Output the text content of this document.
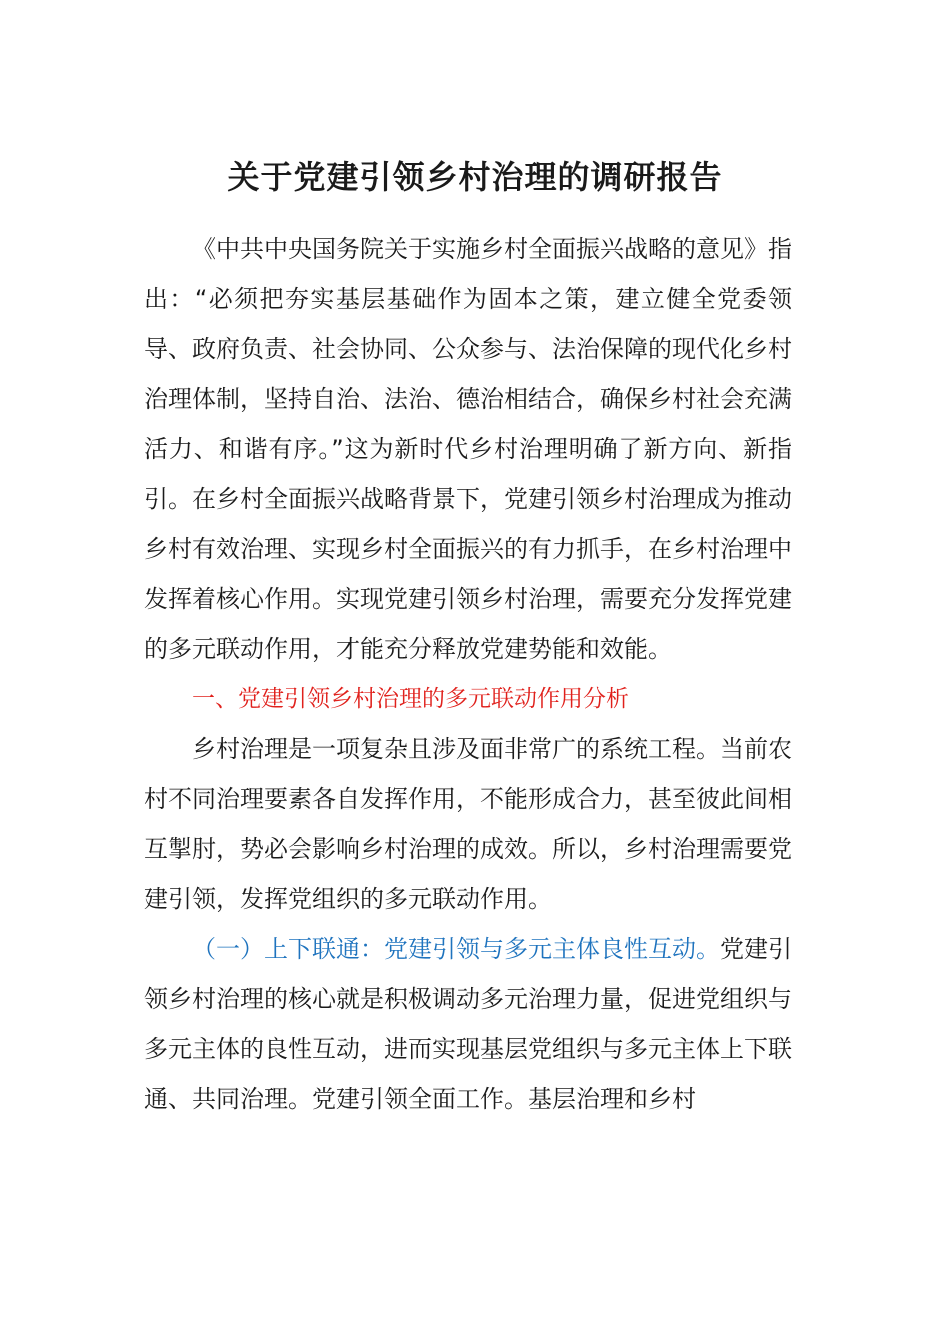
关于党建引领乡村治理的调研报告

《中共中央国务院关于实施乡村全面振兴战略的意见》指出：“必须把夯实基层基础作为固本之策，建立健全党委领导、政府负责、社会协同、公众参与、法治保障的现代化乡村治理体制，坚持自治、法治、德治相结合，确保乡村社会充满活力、和谐有序。”这为新时代乡村治理明确了新方向、新指引。在乡村全面振兴战略背景下，党建引领乡村治理成为推动乡村有效治理、实现乡村全面振兴的有力抓手，在乡村治理中发挥着核心作用。实现党建引领乡村治理，需要充分发挥党建的多元联动作用，才能充分释放党建势能和效能。

一、党建引领乡村治理的多元联动作用分析

乡村治理是一项复杂且涉及面非常广的系统工程。当前农村不同治理要素各自发挥作用，不能形成合力，甚至彼此间相互掣肘，势必会影响乡村治理的成效。所以，乡村治理需要党建引领，发挥党组织的多元联动作用。

（一）上下联通：党建引领与多元主体良性互动。党建引领乡村治理的核心就是积极调动多元治理力量，促进党组织与多元主体的良性互动，进而实现基层党组织与多元主体上下联通、共同治理。党建引领全面工作。基层治理和乡村
